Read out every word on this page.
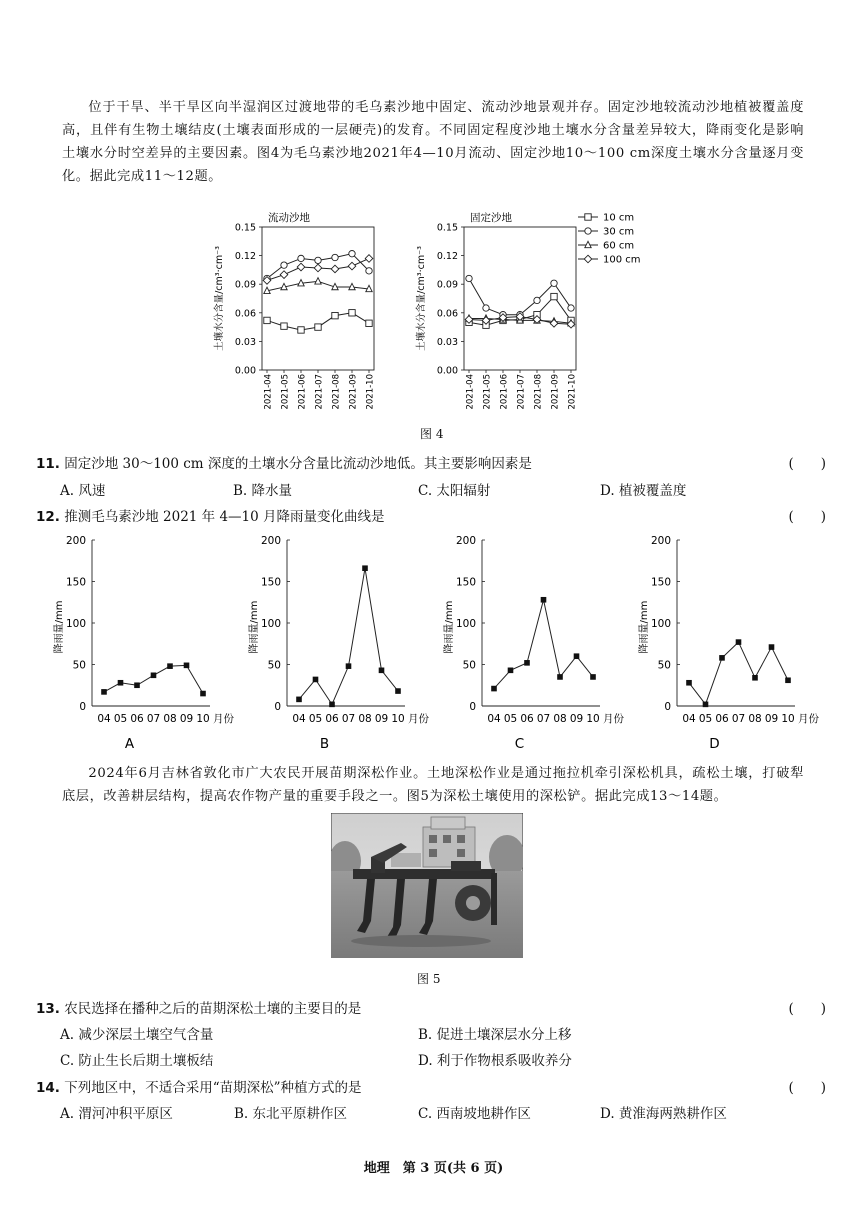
位于干旱、半干旱区向半湿润区过渡地带的毛乌素沙地中固定、流动沙地景观并存。固定沙地较流动沙地植被覆盖度高，且伴有生物土壤结皮(土壤表面形成的一层硬壳)的发育。不同固定程度沙地土壤水分含量差异较大，降雨变化是影响土壤水分时空差异的主要因素。图4为毛乌素沙地2021年4—10月流动、固定沙地10～100 cm深度土壤水分含量逐月变化。据此完成11～12题。
流动沙地
0.00
0.03
0.06
0.09
0.12
0.15
土壤水分含量/cm³·cm⁻³
2021-04 2021-05 2021-06 2021-07 2021-08 2021-09 2021-10
固定沙地
0.00
0.03
0.06
0.09
0.12
0.15
土壤水分含量/cm³·cm⁻³
2021-04 2021-05 2021-06 2021-07 2021-08 2021-09 2021-10
10 cm
30 cm
60 cm
100 cm
图 4
11. 固定沙地 30～100 cm 深度的土壤水分含量比流动沙地低。其主要影响因素是	(　　)
A. 风速	B. 降水量	C. 太阳辐射	D. 植被覆盖度
12. 推测毛乌素沙地 2021 年 4—10 月降雨量变化曲线是	(　　)
0
50
100
150
200
降雨量/mm
04 05 06 07 08 09 10 月份
A
0
50
100
150
200
降雨量/mm
04 05 06 07 08 09 10 月份
B
0
50
100
150
200
降雨量/mm
04 05 06 07 08 09 10 月份
C
0
50
100
150
200
降雨量/mm
04 05 06 07 08 09 10 月份
D
2024年6月吉林省敦化市广大农民开展苗期深松作业。土地深松作业是通过拖拉机牵引深松机具，疏松土壤，打破犁底层，改善耕层结构，提高农作物产量的重要手段之一。图5为深松土壤使用的深松铲。据此完成13～14题。
图 5
13. 农民选择在播种之后的苗期深松土壤的主要目的是	(　　)
A. 减少深层土壤空气含量	B. 促进土壤深层水分上移
C. 防止生长后期土壤板结	D. 利于作物根系吸收养分
14. 下列地区中，不适合采用“苗期深松”种植方式的是	(　　)
A. 渭河冲积平原区	B. 东北平原耕作区	C. 西南坡地耕作区	D. 黄淮海两熟耕作区
地理　第 3 页(共 6 页)
